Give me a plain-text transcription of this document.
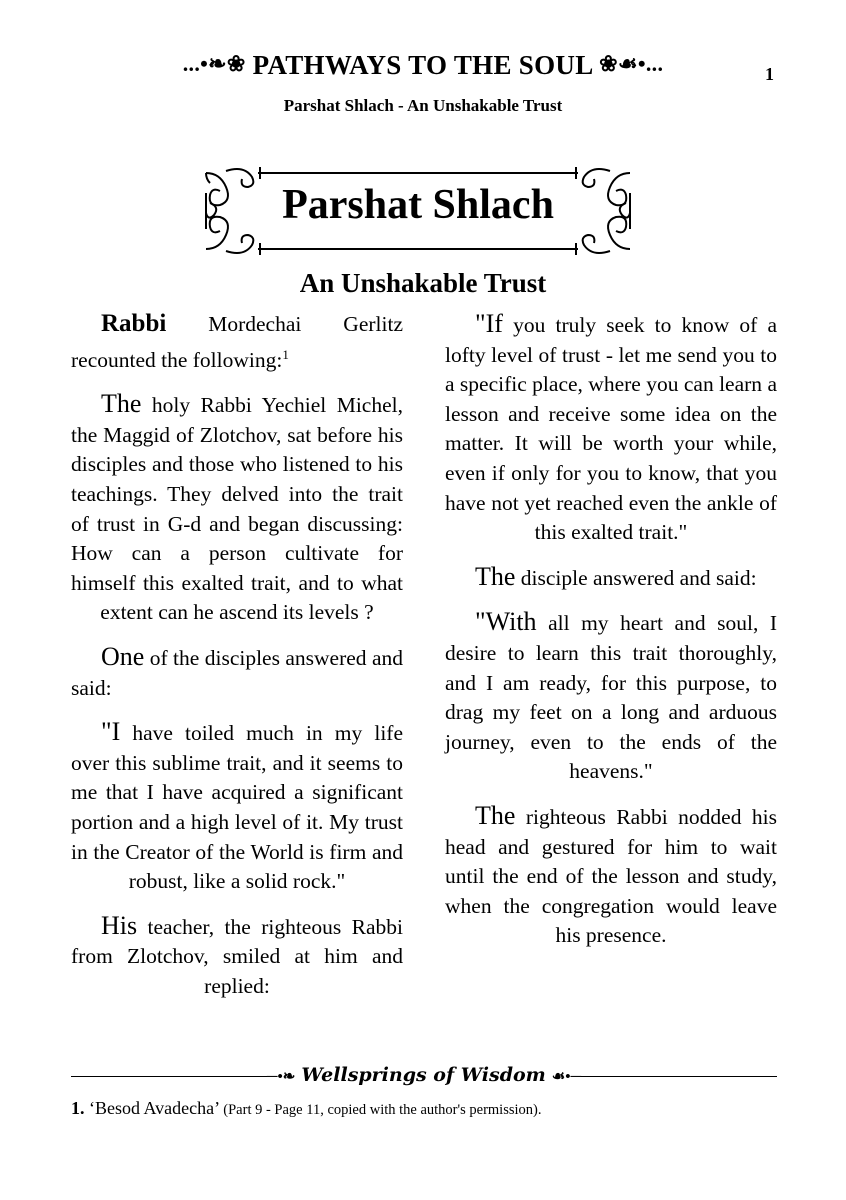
...•❧❀ PATHWAYS TO THE SOUL ❀☙•...	1
Parshat Shlach - An Unshakable Trust
Parshat Shlach
An Unshakable Trust

Rabbi Mordechai Gerlitz recounted the following:$^1$

The holy Rabbi Yechiel Michel, the Maggid of Zlotchov, sat before his disciples and those who listened to his teachings. They delved into the trait of trust in G-d and began discussing: How can a person cultivate for himself this exalted trait, and to what extent can he ascend its levels ?

One of the disciples answered and said:

"I have toiled much in my life over this sublime trait, and it seems to me that I have acquired a significant portion and a high level of it. My trust in the Creator of the World is firm and robust, like a solid rock."

His teacher, the righteous Rabbi from Zlotchov, smiled at him and replied:

"If you truly seek to know of a lofty level of trust - let me send you to a specific place, where you can learn a lesson and receive some idea on the matter. It will be worth your while, even if only for you to know, that you have not yet reached even the ankle of this exalted trait."

The disciple answered and said:

"With all my heart and soul, I desire to learn this trait thoroughly, and I am ready, for this purpose, to drag my feet on a long and arduous journey, even to the ends of the heavens."

The righteous Rabbi nodded his head and gestured for him to wait until the end of the lesson and study, when the congregation would leave his presence.

─•❧ Wellsprings of Wisdom ☙•─
1. ‘Besod Avadecha’ (Part 9 - Page 11, copied with the author's permission).
